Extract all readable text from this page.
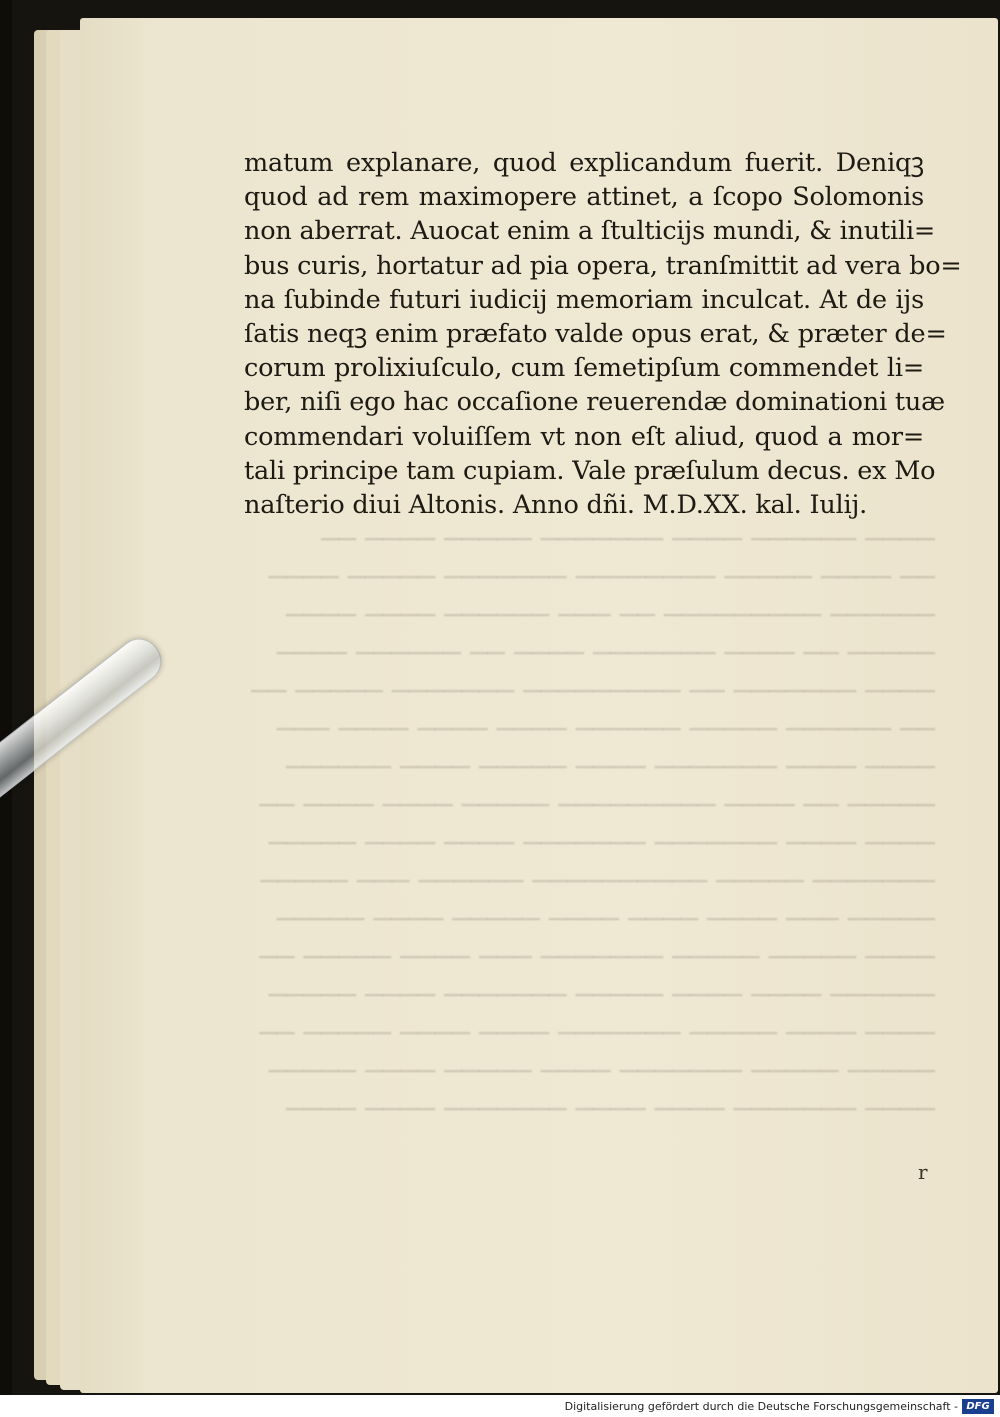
──── ────── ──── ─────── ───── ──── ──
── ──── ───── ──────── ─────── ───── ────
────── ───────── ── ─── ────── ──── ────
───── ── ──── ─────── ──── ── ────── ────
──── ─────── ── ───────── ─────── ───── ──
── ────── ───── ────── ──── ──── ──── ───
──── ──── ─────── ──── ───── ──── ──────
───── ── ──── ───────── ───── ──── ──── ──
──── ──── ─────── ─────── ──── ──── ─────
─────── ───── ────────── ────── ─── ─────
───── ─── ──── ──── ──── ───── ──── ─────
──── ───── ───── ─────── ─── ──── ───── ──
────── ──── ──── ───── ─────── ──── ─────
──── ──── ───── ─────── ──── ──── ───── ──
───── ───── ─────── ──── ───── ──── ─────
──── ─────── ──── ──── ─────── ──── ────
matum explanare, quod explicandum fuerit. Deniqꝫ
quod ad rem maximopere attinet, a ſcopo Solomonis
non aberrat. Auocat enim a ſtulticijs mundi, & inutili=
bus curis, hortatur ad pia opera, tranſmittit ad vera bo=
na ſubinde futuri iudicij memoriam inculcat. At de ijs
ſatis neqꝫ enim præfato valde opus erat, & præter de=
corum prolixiuſculo, cum ſemetipſum commendet li=
ber, niſi ego hac occaſione reuerendæ dominationi tuæ
commendari voluiſſem vt non eſt aliud, quod a mor=
tali principe tam cupiam. Vale præſulum decus. ex Mo
naſterio diui Altonis. Anno dñi. M.D.XX. kal. Iulij.
r
Digitalisierung gefördert durch die Deutsche Forschungsgemeinschaft - DFG
